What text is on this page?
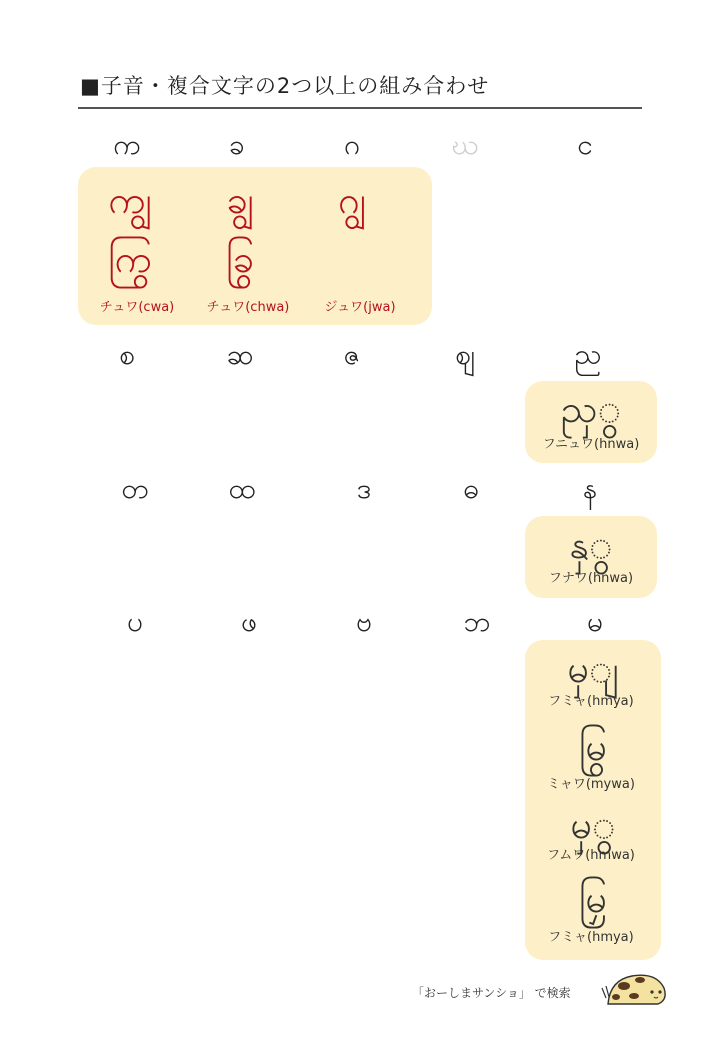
■子音・複合文字の2つ以上の組み合わせ
က	ခ	ဂ	ဃ	င
ကျွ
ကြွ
チュワ(cwa)
ချွ
ခြွ
チュワ(chwa)
ဂျွ
ジュワ(jwa)
စ	ဆ	ဇ	ဈ	ည
ညှွ
フニュワ(hnwa)
တ	ထ	ဒ	ဓ	န
နှွ
フナワ(hnwa)
ပ	ဖ	ဗ	ဘ	မ
မှျ
フミャ(hmya)
မြွ
ミャワ(mywa)
မှွ
フムワ(hmwa)
မြှ
フミャ(hmya)
「おーしまサンショ」 で検索
